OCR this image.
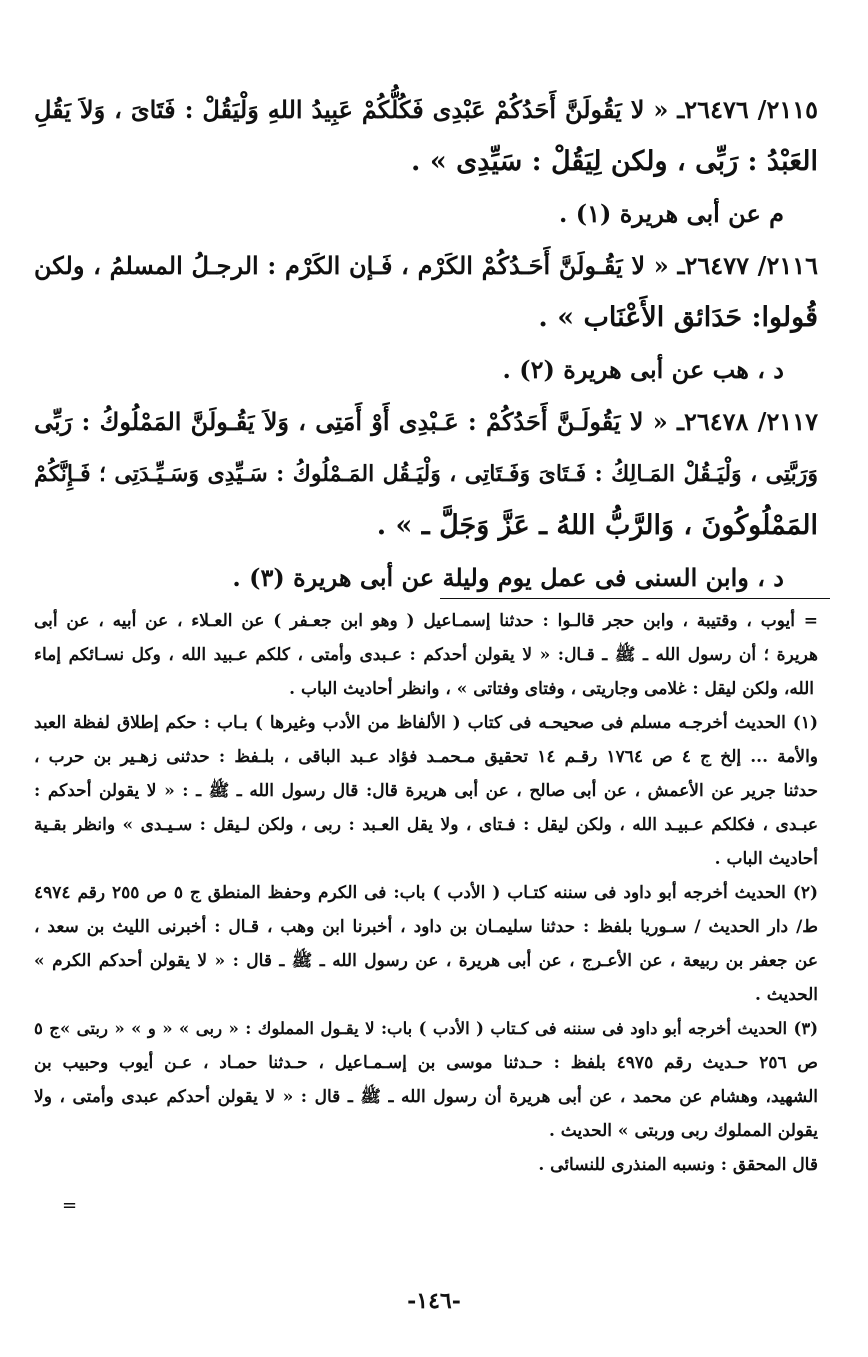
٢١١٥/ ٢٦٤٧٦ـ « لا يَقُولَنَّ أَحَدُكُمْ عَبْدِى فَكُلُّكُمْ عَبِيدُ اللهِ وَلْيَقُلْ : فَتَاىَ ، وَلاَ يَقُلِ
العَبْدُ : رَبِّى ، ولكن لِيَقُلْ : سَيِّدِى » .
م عن أبى هريرة (١) .
٢١١٦/ ٢٦٤٧٧ـ « لا يَقُـولَنَّ أَحَـدُكُمْ الكَرْم ، فَـإن الكَرْم : الرجـلُ المسلمُ ، ولكن
قُولوا: حَدَائق الأَعْنَاب » .
د ، هب عن أبى هريرة (٢) .
٢١١٧/ ٢٦٤٧٨ـ « لا يَقُولَـنَّ أَحَدُكُمْ : عَـبْدِى أَوْ أَمَتِى ، وَلاَ يَقُـولَنَّ المَمْلُوكُ : رَبِّى
وَرَبَّتِى ، وَلْيَـقُلْ المَـالِكُ : فَـتَاىَ وَفَـتَاتِى ، وَلْيَـقُل المَـمْلُوكُ : سَـيِّدِى وَسَـيِّـدَتِى ؛ فَـإِنَّكُمْ
المَمْلُوكُونَ ، وَالرَّبُّ اللهُ ـ عَزَّ وَجَلَّ ـ » .
د ، وابن السنى فى عمل يوم وليلة عن أبى هريرة (٣) .
= أيوب ، وقتيبة ، وابن حجر قالـوا : حدثنا إسمـاعيل ( وهو ابن جعـفر ) عن العـلاء ، عن أبيه ، عن أبى
هريرة ؛ أن رسول الله ـ ﷺ ـ قـال: « لا يقولن أحدكم : عـبدى وأمتى ، كلكم عـبيد الله ، وكل نسـائكم إماء
الله، ولكن ليقل : غلامى وجاريتى ، وفتاى وفتاتى » ، وانظر أحاديث الباب .
(١) الحديث أخرجـه مسلم فى صحيحـه فى كتاب ( الألفاظ من الأدب وغيرها ) بـاب : حكم إطلاق لفظة العبد
والأمة ... إلخ ج ٤ ص ١٧٦٤ رقـم ١٤ تحقيق مـحمـد فؤاد عـبد الباقى ، بلـفظ : حدثنى زهـير بن حرب ،
حدثنا جرير عن الأعمش ، عن أبى صالح ، عن أبى هريرة قال: قال رسول الله ـ ﷺ ـ : « لا يقولن أحدكم :
عبـدى ، فكلكم عـبيـد الله ، ولكن ليقل : فـتاى ، ولا يقل العـبد : ربى ، ولكن لـيقل : سـيـدى » وانظر بقـية
أحاديث الباب .
(٢) الحديث أخرجه أبو داود فى سننه كتـاب ( الأدب ) باب: فى الكرم وحفظ المنطق ج ٥ ص ٢٥٥ رقم ٤٩٧٤
ط/ دار الحديث / سـوريا بلفظ : حدثنا سليمـان بن داود ، أخبرنا ابن وهب ، قـال : أخبرنى الليث بن سعد ،
عن جعفر بن ربيعة ، عن الأعـرج ، عن أبى هريرة ، عن رسول الله ـ ﷺ ـ قال : « لا يقولن أحدكم الكرم »
الحديث .
(٣) الحديث أخرجه أبو داود فى سننه فى كـتاب ( الأدب ) باب: لا يقـول المملوك : « ربى » « و » « ربتى »ج ٥
ص ٢٥٦ حـديث رقم ٤٩٧٥ بلفظ : حـدثنا موسى بن إسـمـاعيل ، حـدثنا حمـاد ، عـن أيوب وحبيب بن
الشهيد، وهشام عن محمد ، عن أبى هريرة أن رسول الله ـ ﷺ ـ قال : « لا يقولن أحدكم عبدى وأمتى ، ولا
يقولن المملوك ربى وربتى » الحديث .
قال المحقق : ونسبه المنذرى للنسائى .
=
-١٤٦-
